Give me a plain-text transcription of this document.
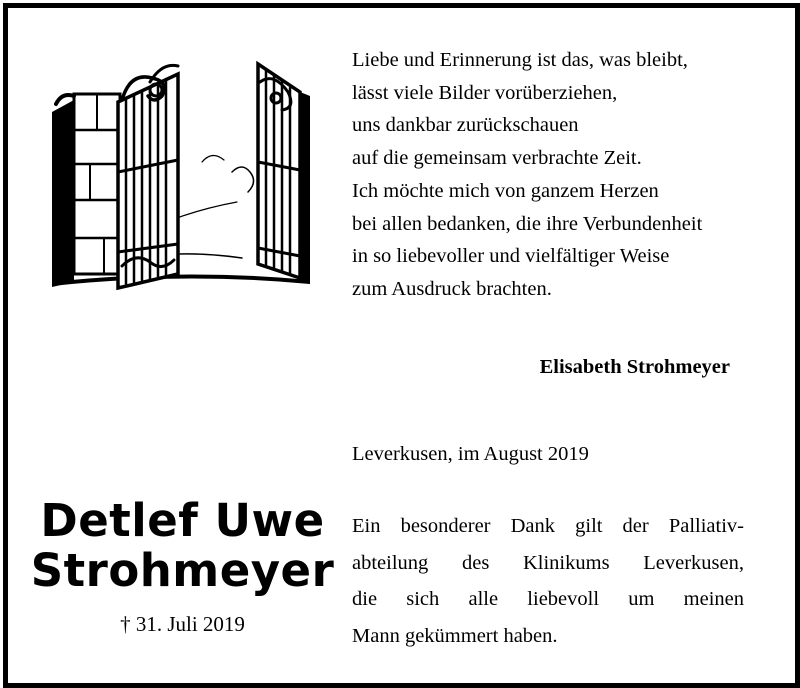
Liebe und Erinnerung ist das, was bleibt,
lässt viele Bilder vorüberziehen,
uns dankbar zurückschauen
auf die gemeinsam verbrachte Zeit.
Ich möchte mich von ganzem Herzen
bei allen bedanken, die ihre Verbundenheit
in so liebevoller und vielfältiger Weise
zum Ausdruck brachten.
Elisabeth Strohmeyer
Leverkusen, im August 2019
Detlef Uwe
Strohmeyer
† 31. Juli 2019
Ein besonderer Dank gilt der Palliativ-
abteilung des Klinikums Leverkusen,
die sich alle liebevoll um meinen
Mann gekümmert haben.
